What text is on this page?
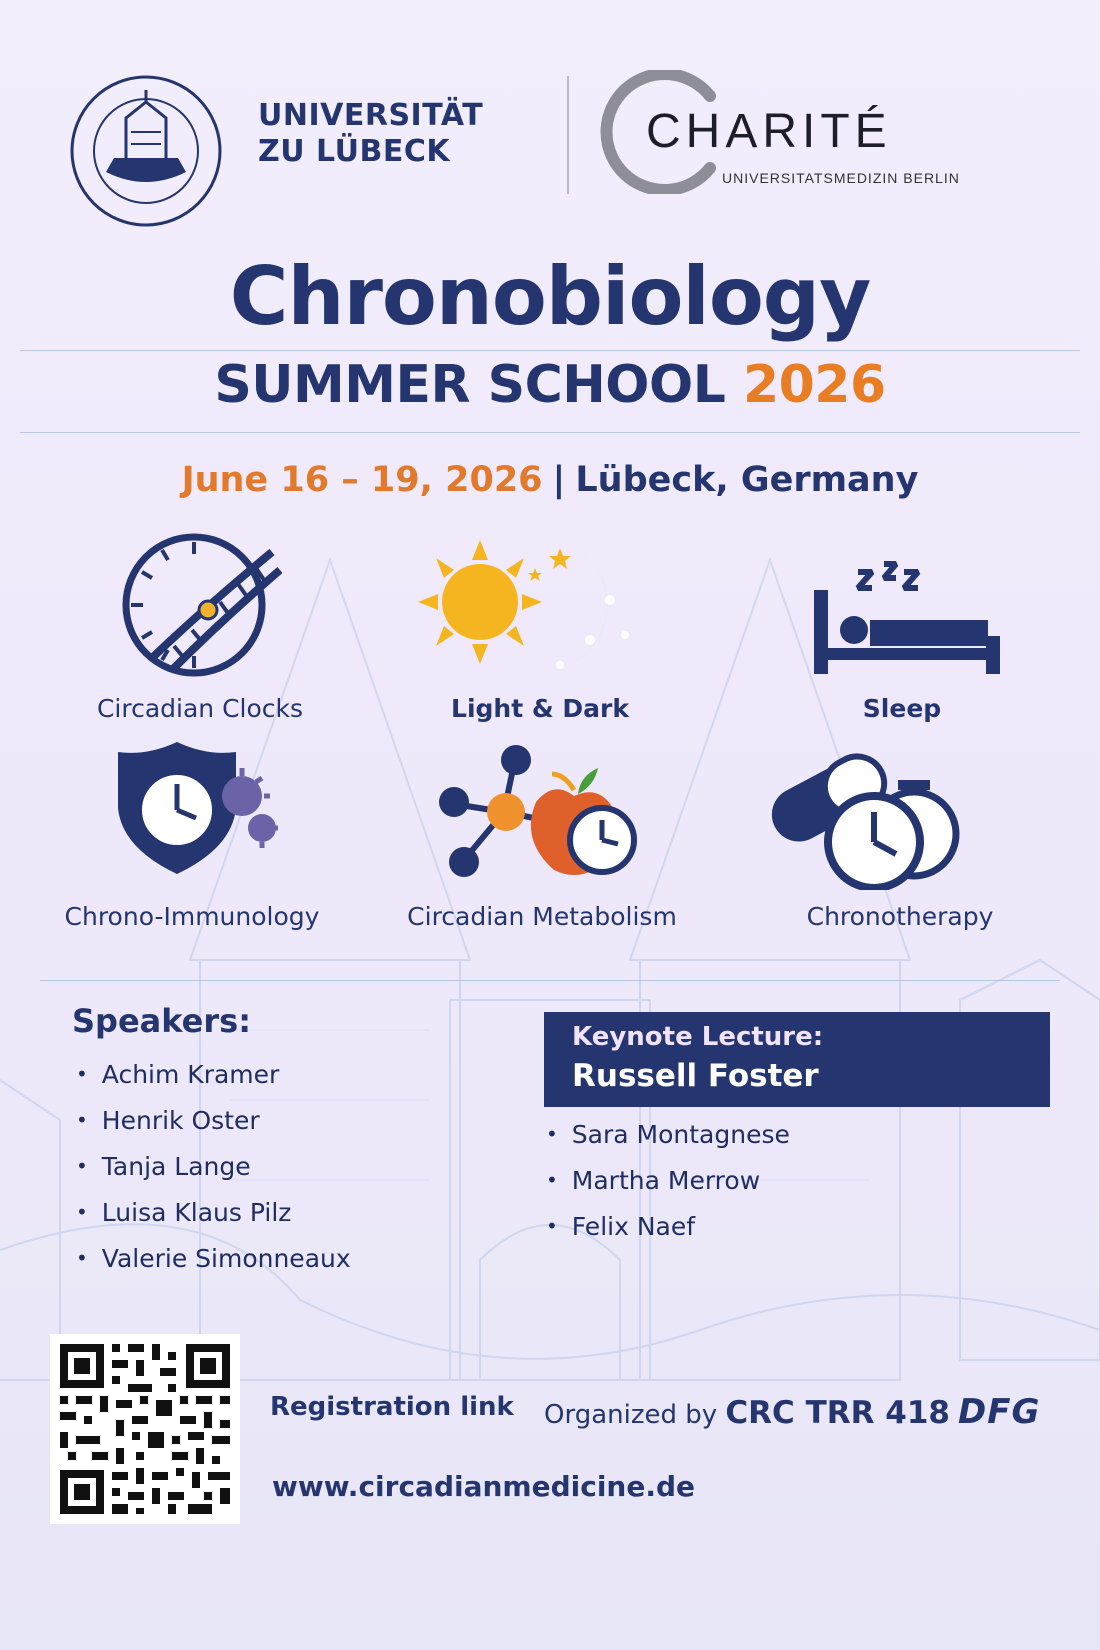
UNIVERSITÄT
ZU LÜBECK	CHARITÉ
UNIVERSITATSMEDIZIN BERLIN
Chronobiology
SUMMER SCHOOL 2026
June 16 – 19, 2026 | Lübeck, Germany
Circadian Clocks	Light & Dark	Sleep
Chrono-Immunology	Circadian Metabolism	Chronotherapy
Speakers:
• Achim Kramer
• Henrik Oster
• Tanja Lange
• Luisa Klaus Pilz
• Valerie Simonneaux
Keynote Lecture:
Russell Foster
• Sara Montagnese
• Martha Merrow
• Felix Naef
Registration link Organized by CRC TRR 418 DFG
www.circadianmedicine.de
